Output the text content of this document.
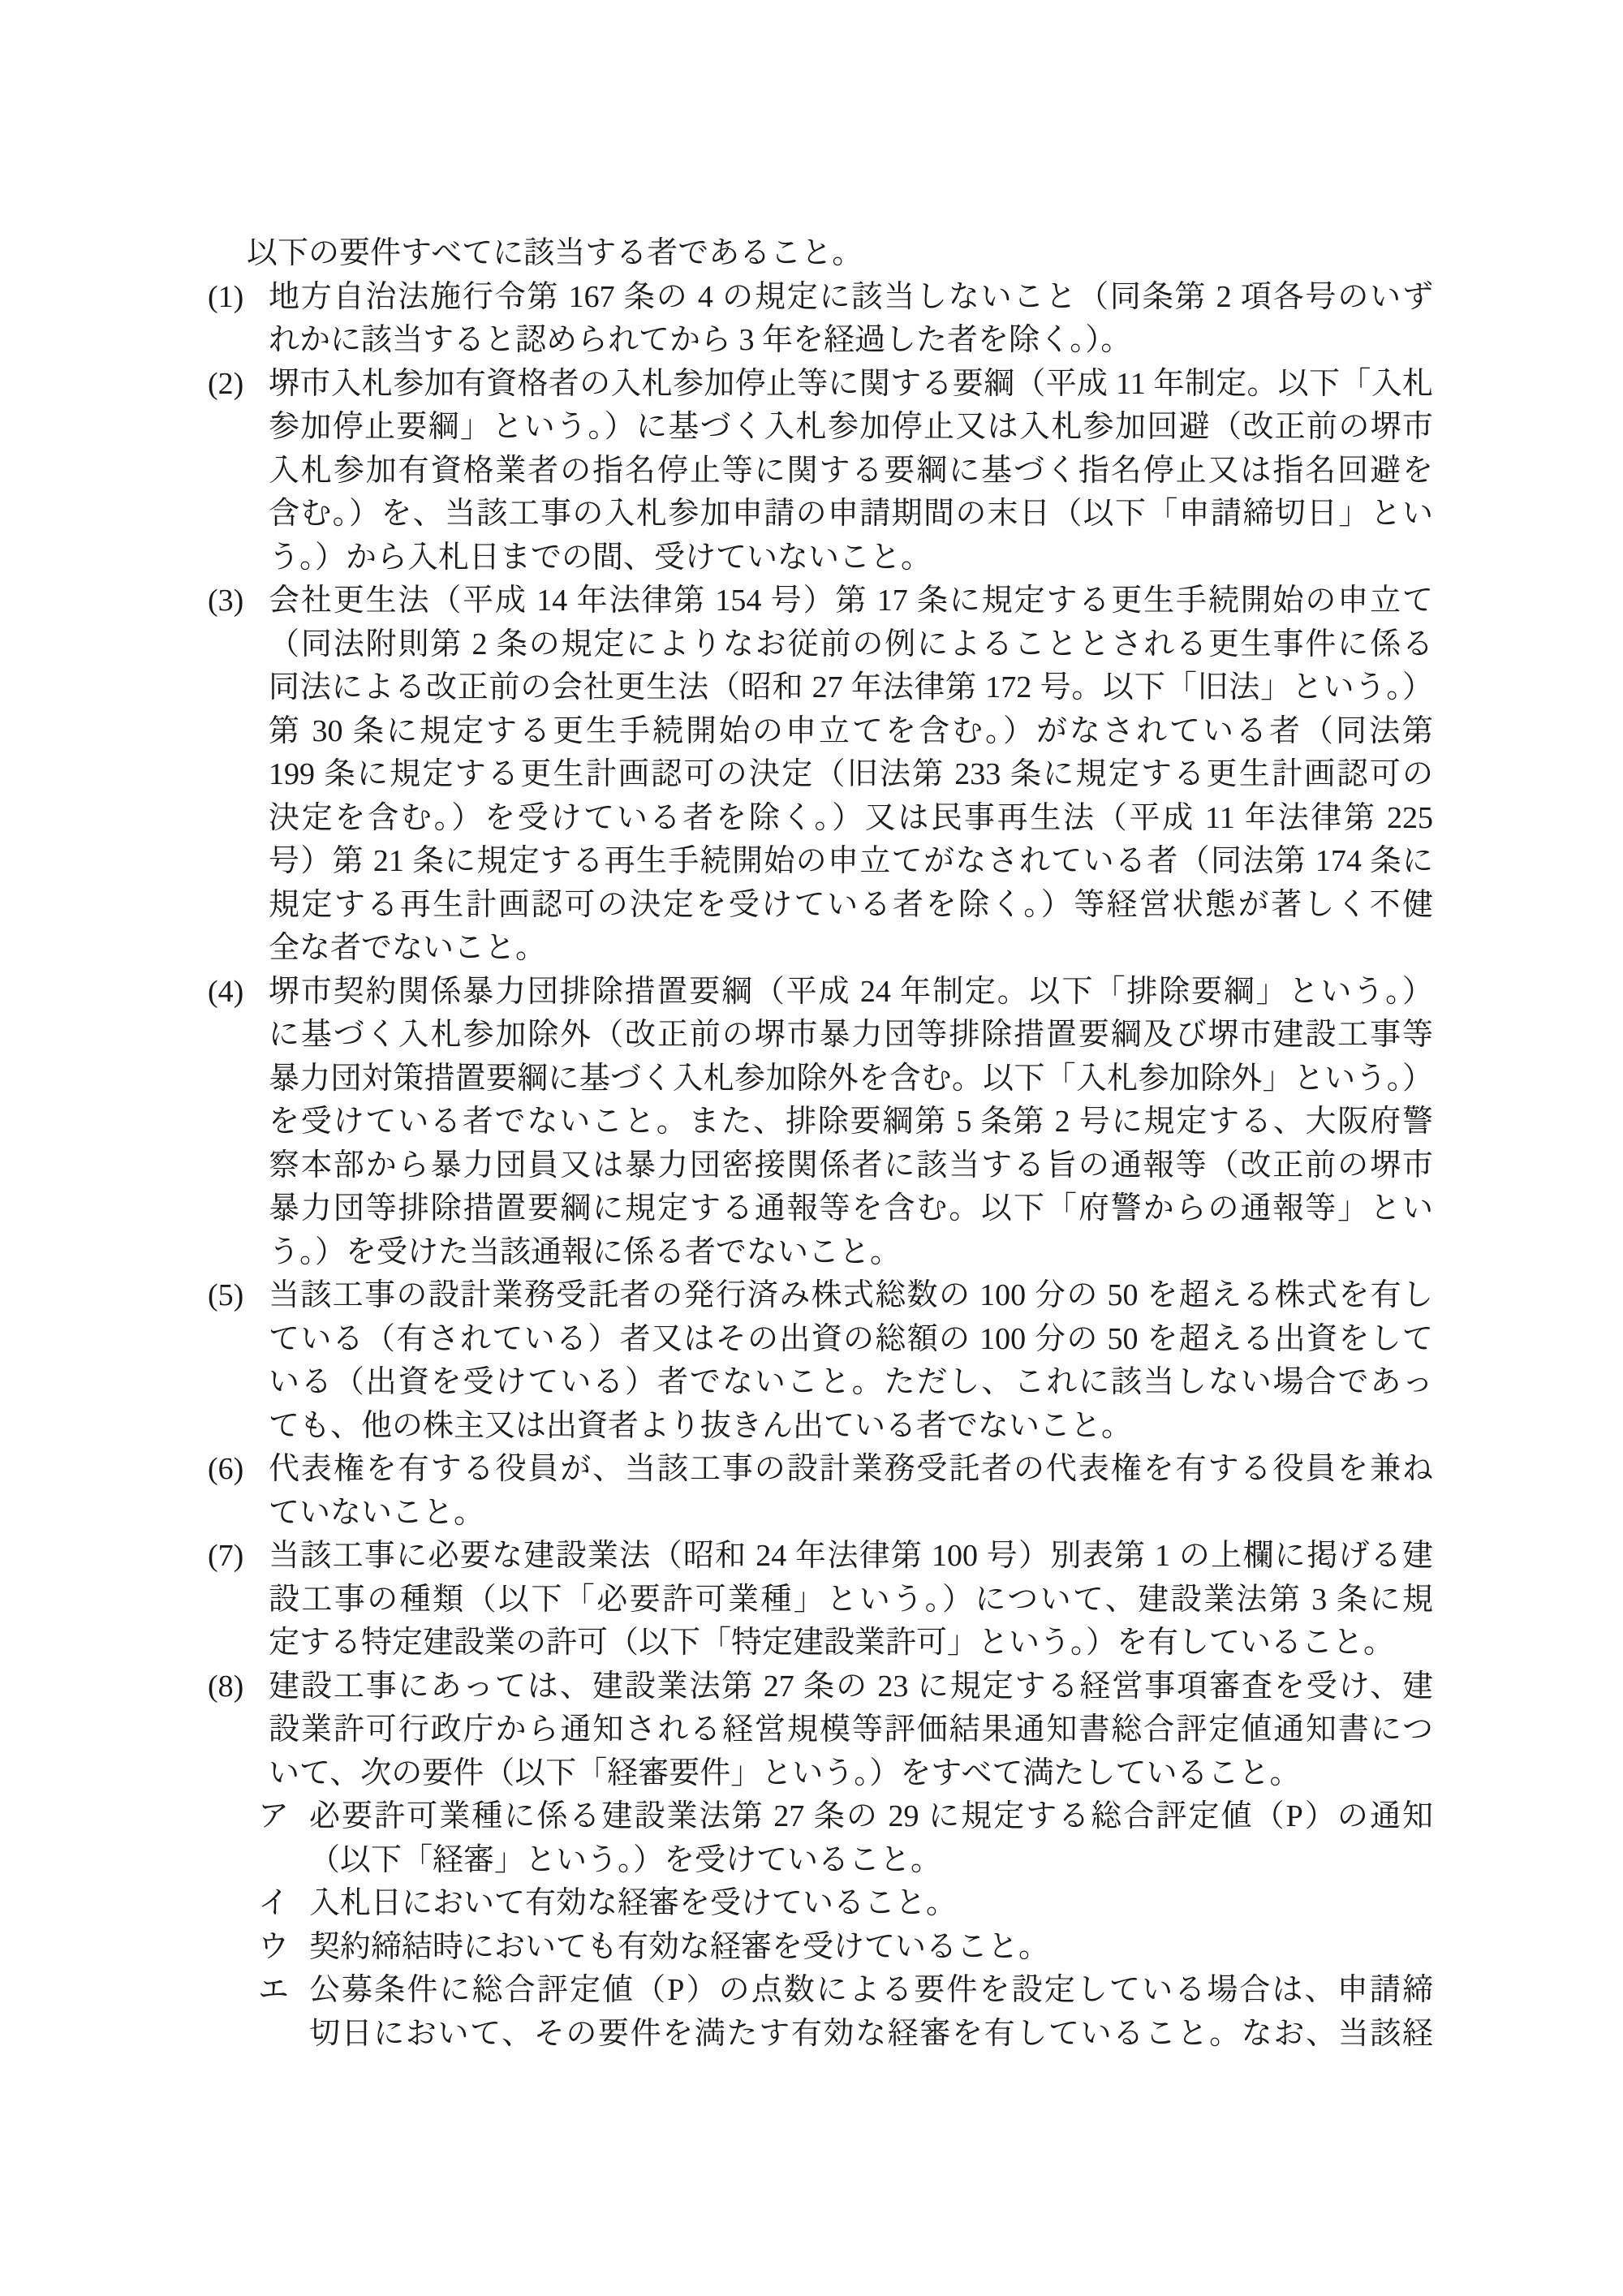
以下の要件すべてに該当する者であること。
(1) 地方自治法施行令第 167 条の 4 の規定に該当しないこと（同条第 2 項各号のいず
れかに該当すると認められてから 3 年を経過した者を除く。）。
(2) 堺市入札参加有資格者の入札参加停止等に関する要綱（平成 11 年制定。以下「入札
参加停止要綱」という。）に基づく入札参加停止又は入札参加回避（改正前の堺市
入札参加有資格業者の指名停止等に関する要綱に基づく指名停止又は指名回避を
含む。）を、当該工事の入札参加申請の申請期間の末日（以下「申請締切日」とい
う。）から入札日までの間、受けていないこと。
(3) 会社更生法（平成 14 年法律第 154 号）第 17 条に規定する更生手続開始の申立て
（同法附則第 2 条の規定によりなお従前の例によることとされる更生事件に係る
同法による改正前の会社更生法（昭和 27 年法律第 172 号。以下「旧法」という。）
第 30 条に規定する更生手続開始の申立てを含む。）がなされている者（同法第
199 条に規定する更生計画認可の決定（旧法第 233 条に規定する更生計画認可の
決定を含む。）を受けている者を除く。）又は民事再生法（平成 11 年法律第 225
号）第 21 条に規定する再生手続開始の申立てがなされている者（同法第 174 条に
規定する再生計画認可の決定を受けている者を除く。）等経営状態が著しく不健
全な者でないこと。
(4) 堺市契約関係暴力団排除措置要綱（平成 24 年制定。以下「排除要綱」という。）
に基づく入札参加除外（改正前の堺市暴力団等排除措置要綱及び堺市建設工事等
暴力団対策措置要綱に基づく入札参加除外を含む。以下「入札参加除外」という。）
を受けている者でないこと。また、排除要綱第 5 条第 2 号に規定する、大阪府警
察本部から暴力団員又は暴力団密接関係者に該当する旨の通報等（改正前の堺市
暴力団等排除措置要綱に規定する通報等を含む。以下「府警からの通報等」とい
う。）を受けた当該通報に係る者でないこと。
(5) 当該工事の設計業務受託者の発行済み株式総数の 100 分の 50 を超える株式を有し
ている（有されている）者又はその出資の総額の 100 分の 50 を超える出資をして
いる（出資を受けている）者でないこと。ただし、これに該当しない場合であっ
ても、他の株主又は出資者より抜きん出ている者でないこと。
(6) 代表権を有する役員が、当該工事の設計業務受託者の代表権を有する役員を兼ね
ていないこと。
(7) 当該工事に必要な建設業法（昭和 24 年法律第 100 号）別表第 1 の上欄に掲げる建
設工事の種類（以下「必要許可業種」という。）について、建設業法第 3 条に規
定する特定建設業の許可（以下「特定建設業許可」という。）を有していること。
(8) 建設工事にあっては、建設業法第 27 条の 23 に規定する経営事項審査を受け、建
設業許可行政庁から通知される経営規模等評価結果通知書総合評定値通知書につ
いて、次の要件（以下「経審要件」という。）をすべて満たしていること。
ア 必要許可業種に係る建設業法第 27 条の 29 に規定する総合評定値（P）の通知
（以下「経審」という。）を受けていること。
イ 入札日において有効な経審を受けていること。
ウ 契約締結時においても有効な経審を受けていること。
エ 公募条件に総合評定値（P）の点数による要件を設定している場合は、申請締
切日において、その要件を満たす有効な経審を有していること。なお、当該経
